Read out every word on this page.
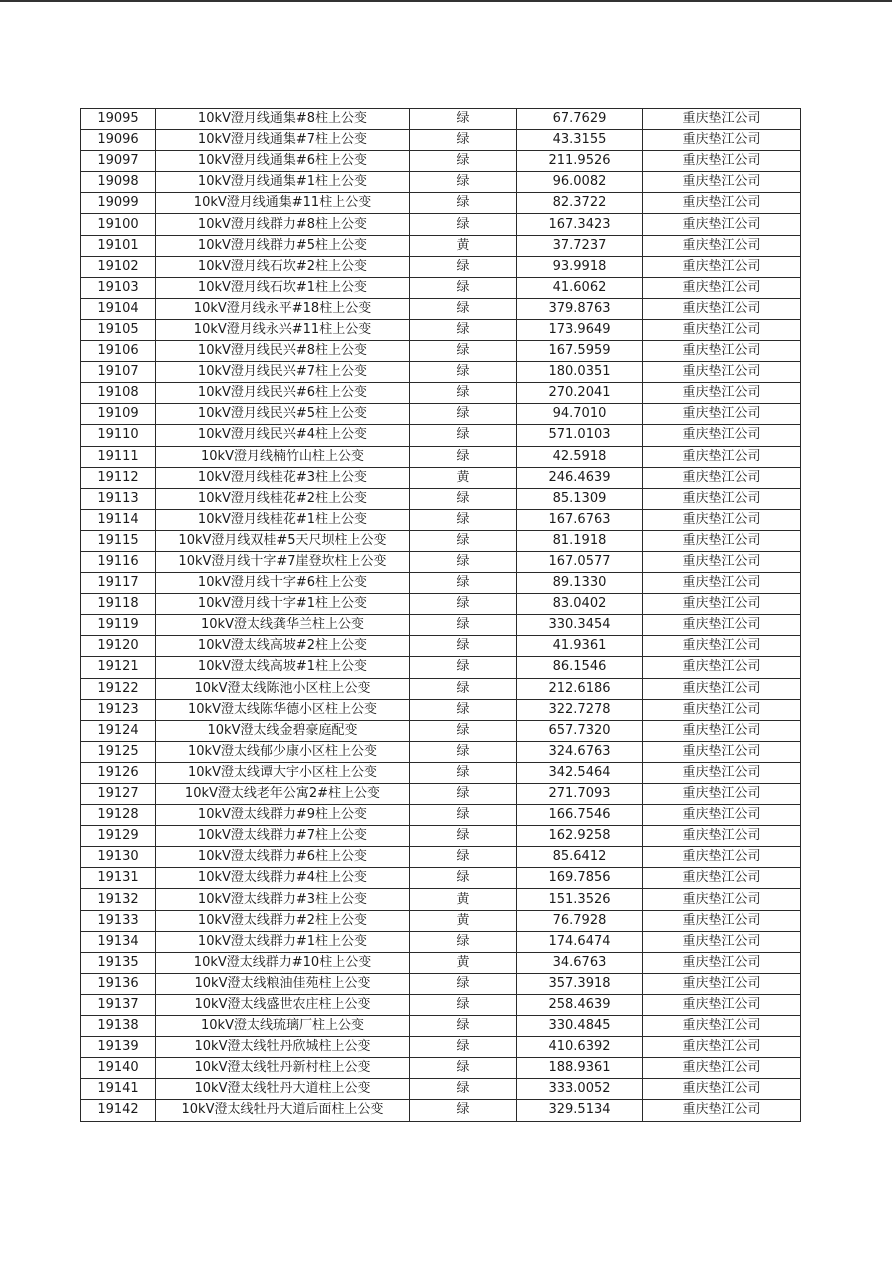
19095	10kV澄月线通集#8柱上公变	绿	67.7629	重庆垫江公司
19096	10kV澄月线通集#7柱上公变	绿	43.3155	重庆垫江公司
19097	10kV澄月线通集#6柱上公变	绿	211.9526	重庆垫江公司
19098	10kV澄月线通集#1柱上公变	绿	96.0082	重庆垫江公司
19099	10kV澄月线通集#11柱上公变	绿	82.3722	重庆垫江公司
19100	10kV澄月线群力#8柱上公变	绿	167.3423	重庆垫江公司
19101	10kV澄月线群力#5柱上公变	黄	37.7237	重庆垫江公司
19102	10kV澄月线石坎#2柱上公变	绿	93.9918	重庆垫江公司
19103	10kV澄月线石坎#1柱上公变	绿	41.6062	重庆垫江公司
19104	10kV澄月线永平#18柱上公变	绿	379.8763	重庆垫江公司
19105	10kV澄月线永兴#11柱上公变	绿	173.9649	重庆垫江公司
19106	10kV澄月线民兴#8柱上公变	绿	167.5959	重庆垫江公司
19107	10kV澄月线民兴#7柱上公变	绿	180.0351	重庆垫江公司
19108	10kV澄月线民兴#6柱上公变	绿	270.2041	重庆垫江公司
19109	10kV澄月线民兴#5柱上公变	绿	94.7010	重庆垫江公司
19110	10kV澄月线民兴#4柱上公变	绿	571.0103	重庆垫江公司
19111	10kV澄月线楠竹山柱上公变	绿	42.5918	重庆垫江公司
19112	10kV澄月线桂花#3柱上公变	黄	246.4639	重庆垫江公司
19113	10kV澄月线桂花#2柱上公变	绿	85.1309	重庆垫江公司
19114	10kV澄月线桂花#1柱上公变	绿	167.6763	重庆垫江公司
19115	10kV澄月线双桂#5天尺坝柱上公变	绿	81.1918	重庆垫江公司
19116	10kV澄月线十字#7崖登坎柱上公变	绿	167.0577	重庆垫江公司
19117	10kV澄月线十字#6柱上公变	绿	89.1330	重庆垫江公司
19118	10kV澄月线十字#1柱上公变	绿	83.0402	重庆垫江公司
19119	10kV澄太线龚华兰柱上公变	绿	330.3454	重庆垫江公司
19120	10kV澄太线高坡#2柱上公变	绿	41.9361	重庆垫江公司
19121	10kV澄太线高坡#1柱上公变	绿	86.1546	重庆垫江公司
19122	10kV澄太线陈池小区柱上公变	绿	212.6186	重庆垫江公司
19123	10kV澄太线陈华德小区柱上公变	绿	322.7278	重庆垫江公司
19124	10kV澄太线金碧豪庭配变	绿	657.7320	重庆垫江公司
19125	10kV澄太线郁少康小区柱上公变	绿	324.6763	重庆垫江公司
19126	10kV澄太线谭大宇小区柱上公变	绿	342.5464	重庆垫江公司
19127	10kV澄太线老年公寓2#柱上公变	绿	271.7093	重庆垫江公司
19128	10kV澄太线群力#9柱上公变	绿	166.7546	重庆垫江公司
19129	10kV澄太线群力#7柱上公变	绿	162.9258	重庆垫江公司
19130	10kV澄太线群力#6柱上公变	绿	85.6412	重庆垫江公司
19131	10kV澄太线群力#4柱上公变	绿	169.7856	重庆垫江公司
19132	10kV澄太线群力#3柱上公变	黄	151.3526	重庆垫江公司
19133	10kV澄太线群力#2柱上公变	黄	76.7928	重庆垫江公司
19134	10kV澄太线群力#1柱上公变	绿	174.6474	重庆垫江公司
19135	10kV澄太线群力#10柱上公变	黄	34.6763	重庆垫江公司
19136	10kV澄太线粮油佳苑柱上公变	绿	357.3918	重庆垫江公司
19137	10kV澄太线盛世农庄柱上公变	绿	258.4639	重庆垫江公司
19138	10kV澄太线琉璃厂柱上公变	绿	330.4845	重庆垫江公司
19139	10kV澄太线牡丹欣城柱上公变	绿	410.6392	重庆垫江公司
19140	10kV澄太线牡丹新村柱上公变	绿	188.9361	重庆垫江公司
19141	10kV澄太线牡丹大道柱上公变	绿	333.0052	重庆垫江公司
19142	10kV澄太线牡丹大道后面柱上公变	绿	329.5134	重庆垫江公司
